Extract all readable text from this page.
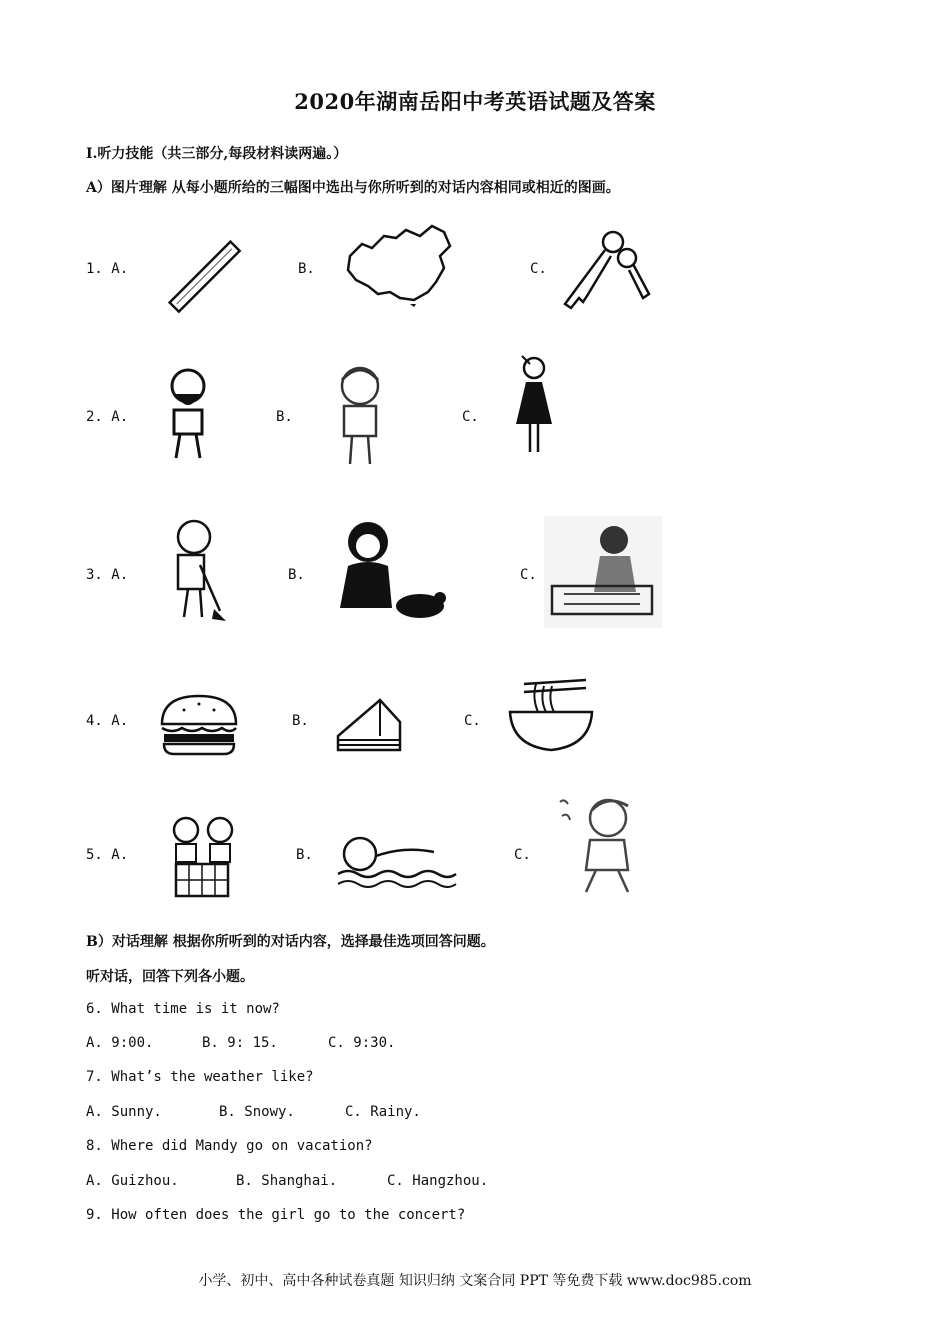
2020年湖南岳阳中考英语试题及答案
I.听力技能（共三部分,每段材料读两遍。）
A）图片理解 从每小题所给的三幅图中选出与你所听到的对话内容相同或相近的图画。
1. A.	B.	C.
2. A.	B.	C.
3. A.	B.	C.
4. A.	B.	C.
5. A.	B.	C.
B）对话理解 根据你所听到的对话内容，选择最佳选项回答问题。
听对话，回答下列各小题。
6. What time is it now?
A. 9:00.	B. 9: 15.	C. 9:30.
7. What’s the weather like?
A. Sunny.	B. Snowy.	C. Rainy.
8. Where did Mandy go on vacation?
A. Guizhou.	B. Shanghai.	C. Hangzhou.
9. How often does the girl go to the concert?
小学、初中、高中各种试卷真题 知识归纳 文案合同 PPT 等免费下载 www.doc985.com
